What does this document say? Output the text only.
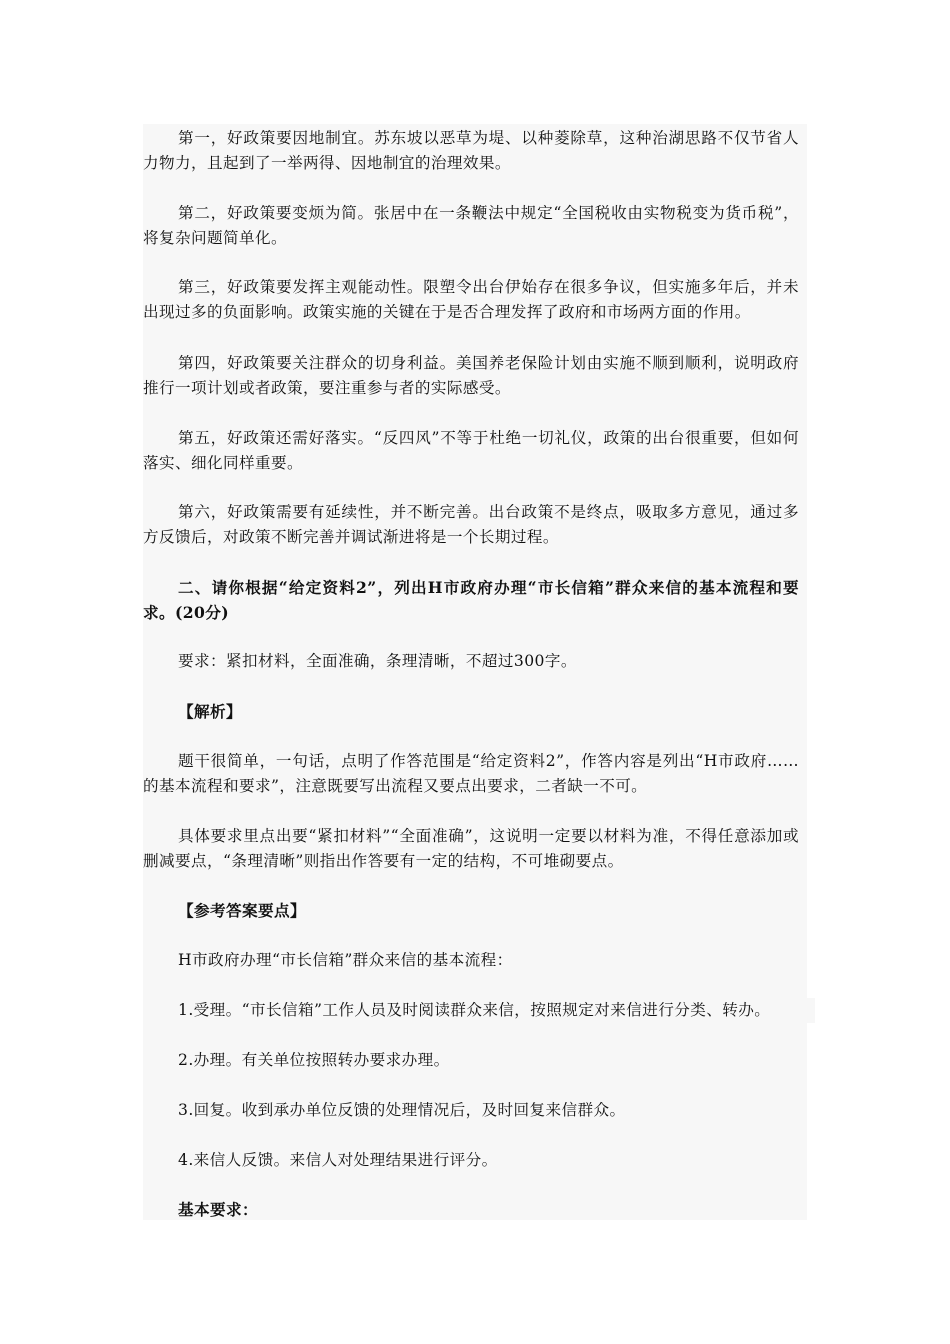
第一，好政策要因地制宜。苏东坡以恶草为堤、以种菱除草，这种治湖思路不仅节省人力物力，且起到了一举两得、因地制宜的治理效果。

第二，好政策要变烦为简。张居中在一条鞭法中规定“全国税收由实物税变为货币税”，将复杂问题简单化。

第三，好政策要发挥主观能动性。限塑令出台伊始存在很多争议，但实施多年后，并未出现过多的负面影响。政策实施的关键在于是否合理发挥了政府和市场两方面的作用。

第四，好政策要关注群众的切身利益。美国养老保险计划由实施不顺到顺利，说明政府推行一项计划或者政策，要注重参与者的实际感受。

第五，好政策还需好落实。“反四风”不等于杜绝一切礼仪，政策的出台很重要，但如何落实、细化同样重要。

第六，好政策需要有延续性，并不断完善。出台政策不是终点，吸取多方意见，通过多方反馈后，对政策不断完善并调试渐进将是一个长期过程。

二、请你根据“给定资料2”，列出H市政府办理“市长信箱”群众来信的基本流程和要求。(20分)

要求：紧扣材料，全面准确，条理清晰，不超过300字。

【解析】

题干很简单，一句话，点明了作答范围是“给定资料2”，作答内容是列出“H市政府……的基本流程和要求”，注意既要写出流程又要点出要求，二者缺一不可。

具体要求里点出要“紧扣材料”“全面准确”，这说明一定要以材料为准，不得任意添加或删减要点，“条理清晰”则指出作答要有一定的结构，不可堆砌要点。

【参考答案要点】

H市政府办理“市长信箱”群众来信的基本流程：

1.受理。“市长信箱”工作人员及时阅读群众来信，按照规定对来信进行分类、转办。

2.办理。有关单位按照转办要求办理。

3.回复。收到承办单位反馈的处理情况后，及时回复来信群众。

4.来信人反馈。来信人对处理结果进行评分。

基本要求：
